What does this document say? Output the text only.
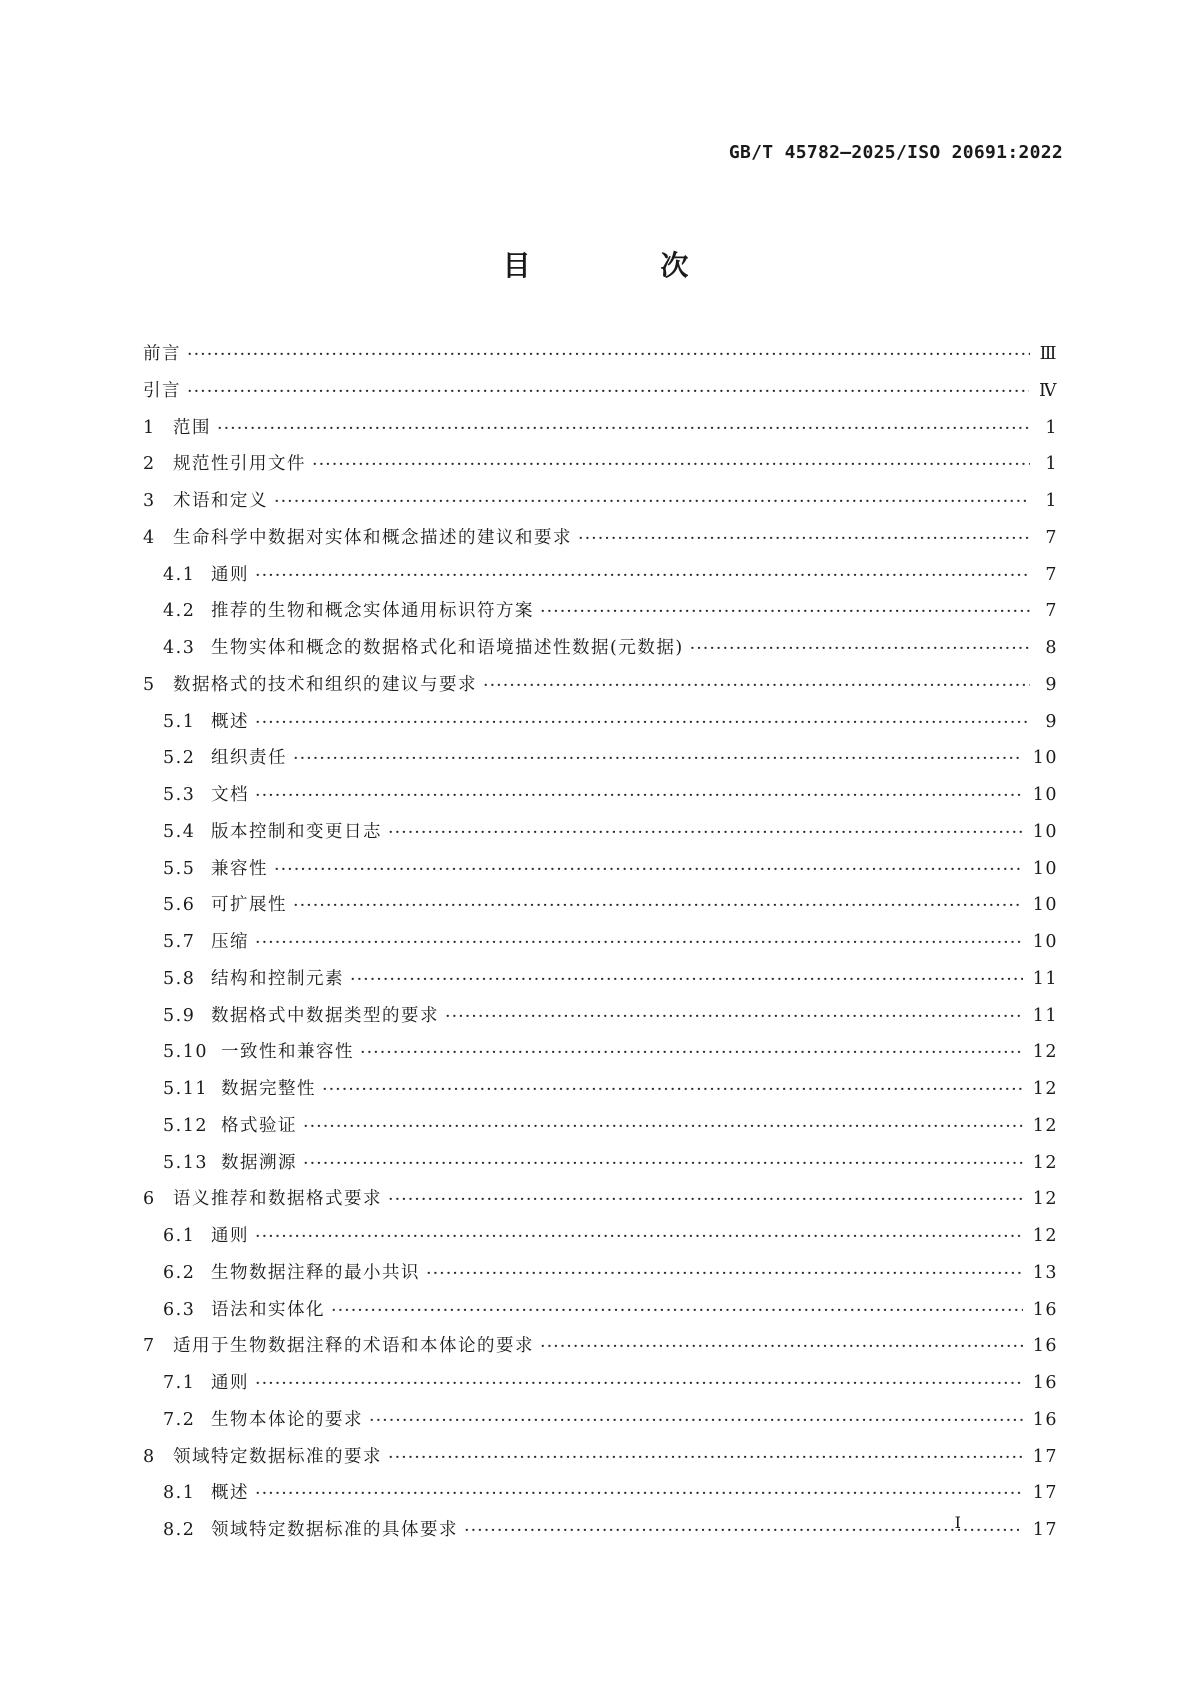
GB/T 45782—2025/ISO 20691:2022
目 次
前言 ·····	Ⅲ
引言 ·····	Ⅳ
1 范围 ·····	1
2 规范性引用文件 ·····	1
3 术语和定义 ·····	1
4 生命科学中数据对实体和概念描述的建议和要求 ·····	7
4.1 通则 ·····	7
4.2 推荐的生物和概念实体通用标识符方案 ·····	7
4.3 生物实体和概念的数据格式化和语境描述性数据(元数据) ·····	8
5 数据格式的技术和组织的建议与要求 ·····	9
5.1 概述 ·····	9
5.2 组织责任 ·····	10
5.3 文档 ·····	10
5.4 版本控制和变更日志 ·····	10
5.5 兼容性 ·····	10
5.6 可扩展性 ·····	10
5.7 压缩 ·····	10
5.8 结构和控制元素 ·····	11
5.9 数据格式中数据类型的要求 ·····	11
5.10 一致性和兼容性 ·····	12
5.11 数据完整性 ·····	12
5.12 格式验证 ·····	12
5.13 数据溯源 ·····	12
6 语义推荐和数据格式要求 ·····	12
6.1 通则 ·····	12
6.2 生物数据注释的最小共识 ·····	13
6.3 语法和实体化 ·····	16
7 适用于生物数据注释的术语和本体论的要求 ·····	16
7.1 通则 ·····	16
7.2 生物本体论的要求 ·····	16
8 领域特定数据标准的要求 ·····	17
8.1 概述 ·····	17
8.2 领域特定数据标准的具体要求 ·····	17
I
